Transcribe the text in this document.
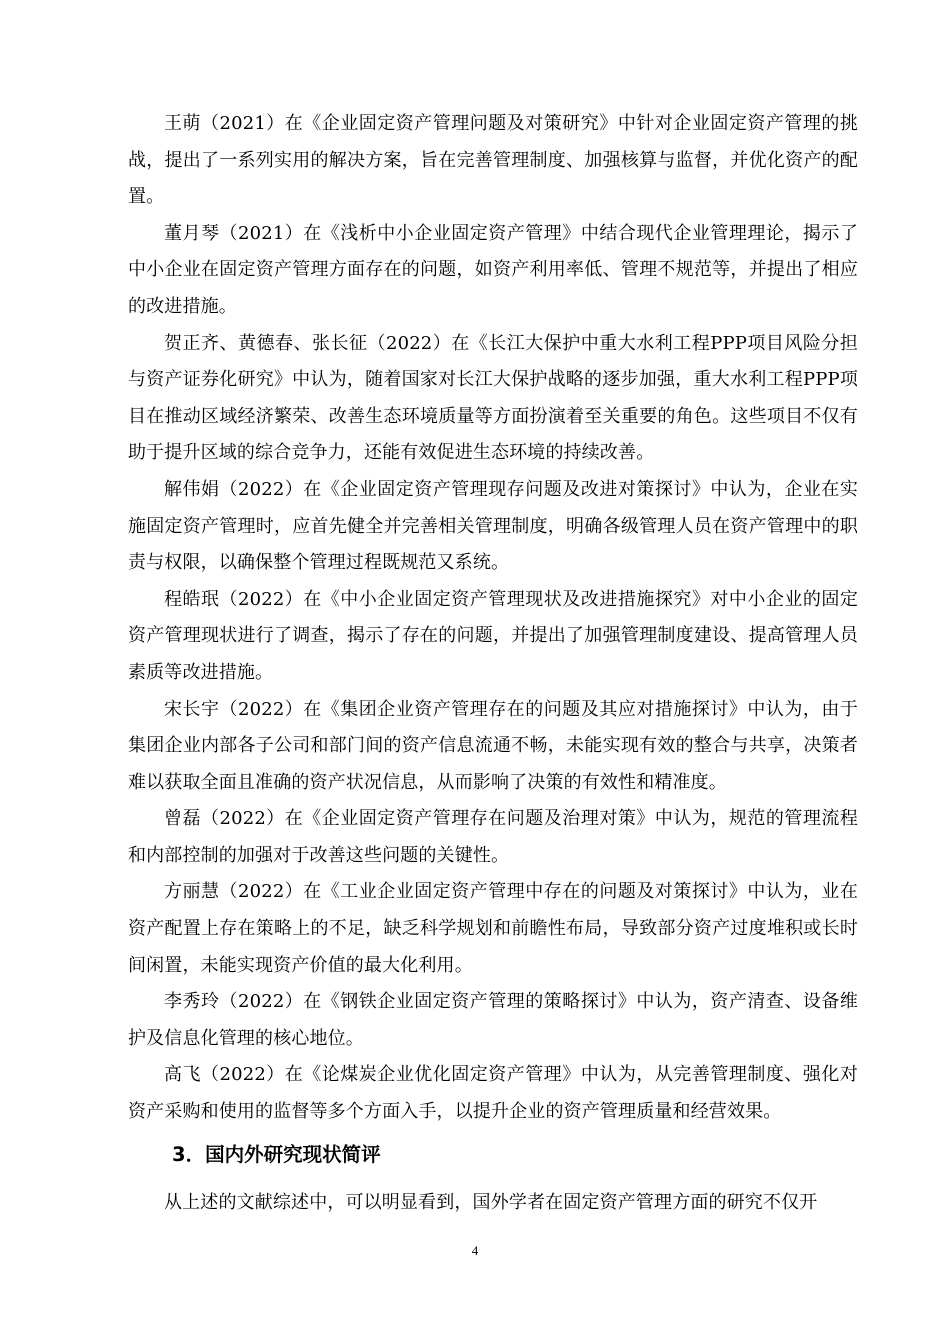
王萌（2021）在《企业固定资产管理问题及对策研究》中针对企业固定资产管理的挑战，提出了一系列实用的解决方案，旨在完善管理制度、加强核算与监督，并优化资产的配置。

董月琴（2021）在《浅析中小企业固定资产管理》中结合现代企业管理理论，揭示了中小企业在固定资产管理方面存在的问题，如资产利用率低、管理不规范等，并提出了相应的改进措施。

贺正齐、黄德春、张长征（2022）在《长江大保护中重大水利工程PPP项目风险分担与资产证券化研究》中认为，随着国家对长江大保护战略的逐步加强，重大水利工程PPP项目在推动区域经济繁荣、改善生态环境质量等方面扮演着至关重要的角色。这些项目不仅有助于提升区域的综合竞争力，还能有效促进生态环境的持续改善。

解伟娟（2022）在《企业固定资产管理现存问题及改进对策探讨》中认为，企业在实施固定资产管理时，应首先健全并完善相关管理制度，明确各级管理人员在资产管理中的职责与权限，以确保整个管理过程既规范又系统。

程皓珉（2022）在《中小企业固定资产管理现状及改进措施探究》对中小企业的固定资产管理现状进行了调查，揭示了存在的问题，并提出了加强管理制度建设、提高管理人员素质等改进措施。

宋长宇（2022）在《集团企业资产管理存在的问题及其应对措施探讨》中认为，由于集团企业内部各子公司和部门间的资产信息流通不畅，未能实现有效的整合与共享，决策者难以获取全面且准确的资产状况信息，从而影响了决策的有效性和精准度。

曾磊（2022）在《企业固定资产管理存在问题及治理对策》中认为，规范的管理流程和内部控制的加强对于改善这些问题的关键性。

方丽慧（2022）在《工业企业固定资产管理中存在的问题及对策探讨》中认为，业在资产配置上存在策略上的不足，缺乏科学规划和前瞻性布局，导致部分资产过度堆积或长时间闲置，未能实现资产价值的最大化利用。

李秀玲（2022）在《钢铁企业固定资产管理的策略探讨》中认为，资产清查、设备维护及信息化管理的核心地位。

高飞（2022）在《论煤炭企业优化固定资产管理》中认为，从完善管理制度、强化对资产采购和使用的监督等多个方面入手，以提升企业的资产管理质量和经营效果。

3．国内外研究现状简评

从上述的文献综述中，可以明显看到，国外学者在固定资产管理方面的研究不仅开

4
